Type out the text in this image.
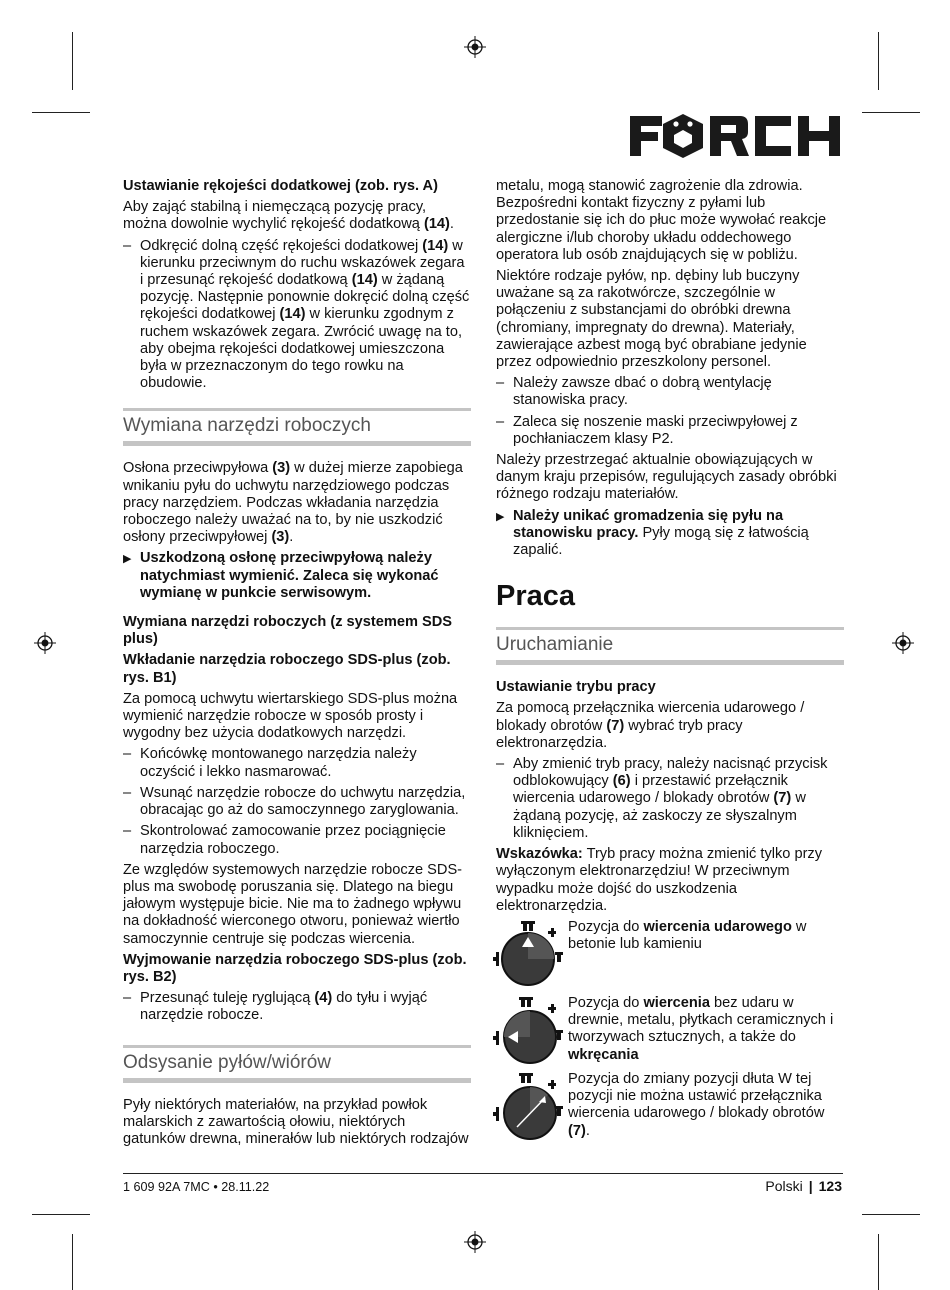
FÖRCH

Ustawianie rękojeści dodatkowej (zob. rys. A)

Aby zająć stabilną i niemęczącą pozycję pracy, można dowolnie wychylić rękojeść dodatkową (14).

– Odkręcić dolną część rękojeści dodatkowej (14) w kierunku przeciwnym do ruchu wskazówek zegara i przesunąć rękojeść dodatkową (14) w żądaną pozycję. Następnie ponownie dokręcić dolną część rękojeści dodatkowej (14) w kierunku zgodnym z ruchem wskazówek zegara. Zwrócić uwagę na to, aby obejma rękojeści dodatkowej umieszczona była w przeznaczonym do tego rowku na obudowie.
Wymiana narzędzi roboczych

Osłona przeciwpyłowa (3) w dużej mierze zapobiega wnikaniu pyłu do uchwytu narzędziowego podczas pracy narzędziem. Podczas wkładania narzędzia roboczego należy uważać na to, by nie uszkodzić osłony przeciwpyłowej (3).

▶ Uszkodzoną osłonę przeciwpyłową należy natychmiast wymienić. Zaleca się wykonać wymianę w punkcie serwisowym.

Wymiana narzędzi roboczych (z systemem SDS plus)

Wkładanie narzędzia roboczego SDS-plus (zob. rys. B1)

Za pomocą uchwytu wiertarskiego SDS-plus można wymienić narzędzie robocze w sposób prosty i wygodny bez użycia dodatkowych narzędzi.

– Końcówkę montowanego narzędzia należy oczyścić i lekko nasmarować.
– Wsunąć narzędzie robocze do uchwytu narzędzia, obracając go aż do samoczynnego zaryglowania.
– Skontrolować zamocowanie przez pociągnięcie narzędzia roboczego.

Ze względów systemowych narzędzie robocze SDS-plus ma swobodę poruszania się. Dlatego na biegu jałowym występuje bicie. Nie ma to żadnego wpływu na dokładność wierconego otworu, ponieważ wiertło samoczynnie centruje się podczas wiercenia.

Wyjmowanie narzędzia roboczego SDS-plus (zob. rys. B2)

– Przesunąć tuleję ryglującą (4) do tyłu i wyjąć narzędzie robocze.
Odsysanie pyłów/wiórów

Pyły niektórych materiałów, na przykład powłok malarskich z zawartością ołowiu, niektórych gatunków drewna, minerałów lub niektórych rodzajów

metalu, mogą stanowić zagrożenie dla zdrowia. Bezpośredni kontakt fizyczny z pyłami lub przedostanie się ich do płuc może wywołać reakcje alergiczne i/lub choroby układu oddechowego operatora lub osób znajdujących się w pobliżu.

Niektóre rodzaje pyłów, np. dębiny lub buczyny uważane są za rakotwórcze, szczególnie w połączeniu z substancjami do obróbki drewna (chromiany, impregnaty do drewna). Materiały, zawierające azbest mogą być obrabiane jedynie przez odpowiednio przeszkolony personel.

– Należy zawsze dbać o dobrą wentylację stanowiska pracy.
– Zaleca się noszenie maski przeciwpyłowej z pochłaniaczem klasy P2.

Należy przestrzegać aktualnie obowiązujących w danym kraju przepisów, regulujących zasady obróbki różnego rodzaju materiałów.

▶ Należy unikać gromadzenia się pyłu na stanowisku pracy. Pyły mogą się z łatwością zapalić.
Praca
Uruchamianie

Ustawianie trybu pracy

Za pomocą przełącznika wiercenia udarowego / blokady obrotów (7) wybrać tryb pracy elektronarzędzia.

– Aby zmienić tryb pracy, należy nacisnąć przycisk odblokowujący (6) i przestawić przełącznik wiercenia udarowego / blokady obrotów (7) w żądaną pozycję, aż zaskoczy ze słyszalnym kliknięciem.

Wskazówka: Tryb pracy można zmienić tylko przy wyłączonym elektronarzędziu! W przeciwnym wypadku może dojść do uszkodzenia elektronarzędzia.

Pozycja do wiercenia udarowego w betonie lub kamieniu
Pozycja do wiercenia bez udaru w drewnie, metalu, płytkach ceramicznych i tworzywach sztucznych, a także do wkręcania
Pozycja do zmiany pozycji dłuta W tej pozycji nie można ustawić przełącznika wiercenia udarowego / blokady obrotów (7).
1 609 92A 7MC • 28.11.22	Polski | 123
